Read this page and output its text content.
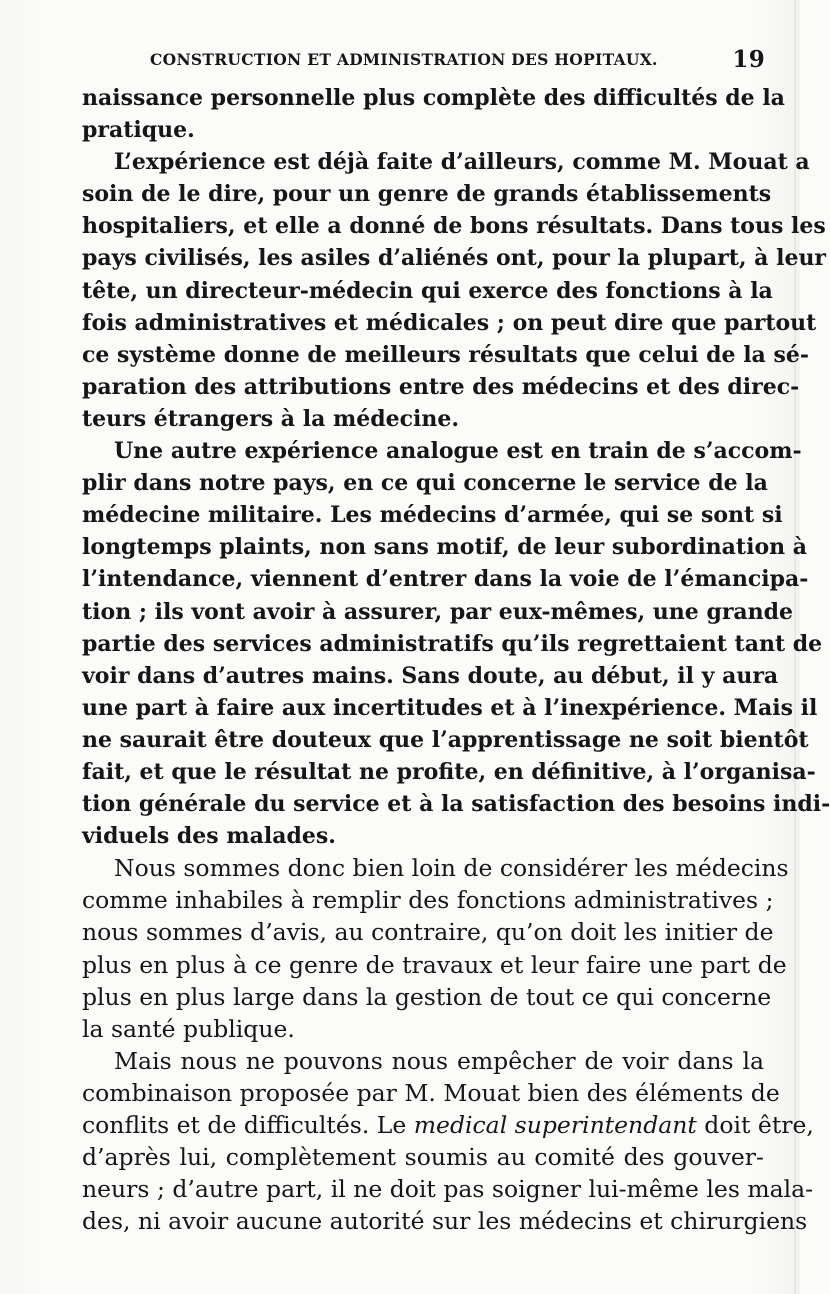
CONSTRUCTION ET ADMINISTRATION DES HOPITAUX.	19
naissance personnelle plus complète des difficultés de la
pratique.
L’expérience est déjà faite d’ailleurs, comme M. Mouat a
soin de le dire, pour un genre de grands établissements
hospitaliers, et elle a donné de bons résultats. Dans tous les
pays civilisés, les asiles d’aliénés ont, pour la plupart, à leur
tête, un directeur-médecin qui exerce des fonctions à la
fois administratives et médicales ; on peut dire que partout
ce système donne de meilleurs résultats que celui de la sé-
paration des attributions entre des médecins et des direc-
teurs étrangers à la médecine.
Une autre expérience analogue est en train de s’accom-
plir dans notre pays, en ce qui concerne le service de la
médecine militaire. Les médecins d’armée, qui se sont si
longtemps plaints, non sans motif, de leur subordination à
l’intendance, viennent d’entrer dans la voie de l’émancipa-
tion ; ils vont avoir à assurer, par eux-mêmes, une grande
partie des services administratifs qu’ils regrettaient tant de
voir dans d’autres mains. Sans doute, au début, il y aura
une part à faire aux incertitudes et à l’inexpérience. Mais il
ne saurait être douteux que l’apprentissage ne soit bientôt
fait, et que le résultat ne profite, en définitive, à l’organisa-
tion générale du service et à la satisfaction des besoins indi-
viduels des malades.
Nous sommes donc bien loin de considérer les médecins
comme inhabiles à remplir des fonctions administratives ;
nous sommes d’avis, au contraire, qu’on doit les initier de
plus en plus à ce genre de travaux et leur faire une part de
plus en plus large dans la gestion de tout ce qui concerne
la santé publique.
Mais nous ne pouvons nous empêcher de voir dans la
combinaison proposée par M. Mouat bien des éléments de
conflits et de difficultés. Le medical superintendant doit être,
d’après lui, complètement soumis au comité des gouver-
neurs ; d’autre part, il ne doit pas soigner lui-même les mala-
des, ni avoir aucune autorité sur les médecins et chirurgiens
